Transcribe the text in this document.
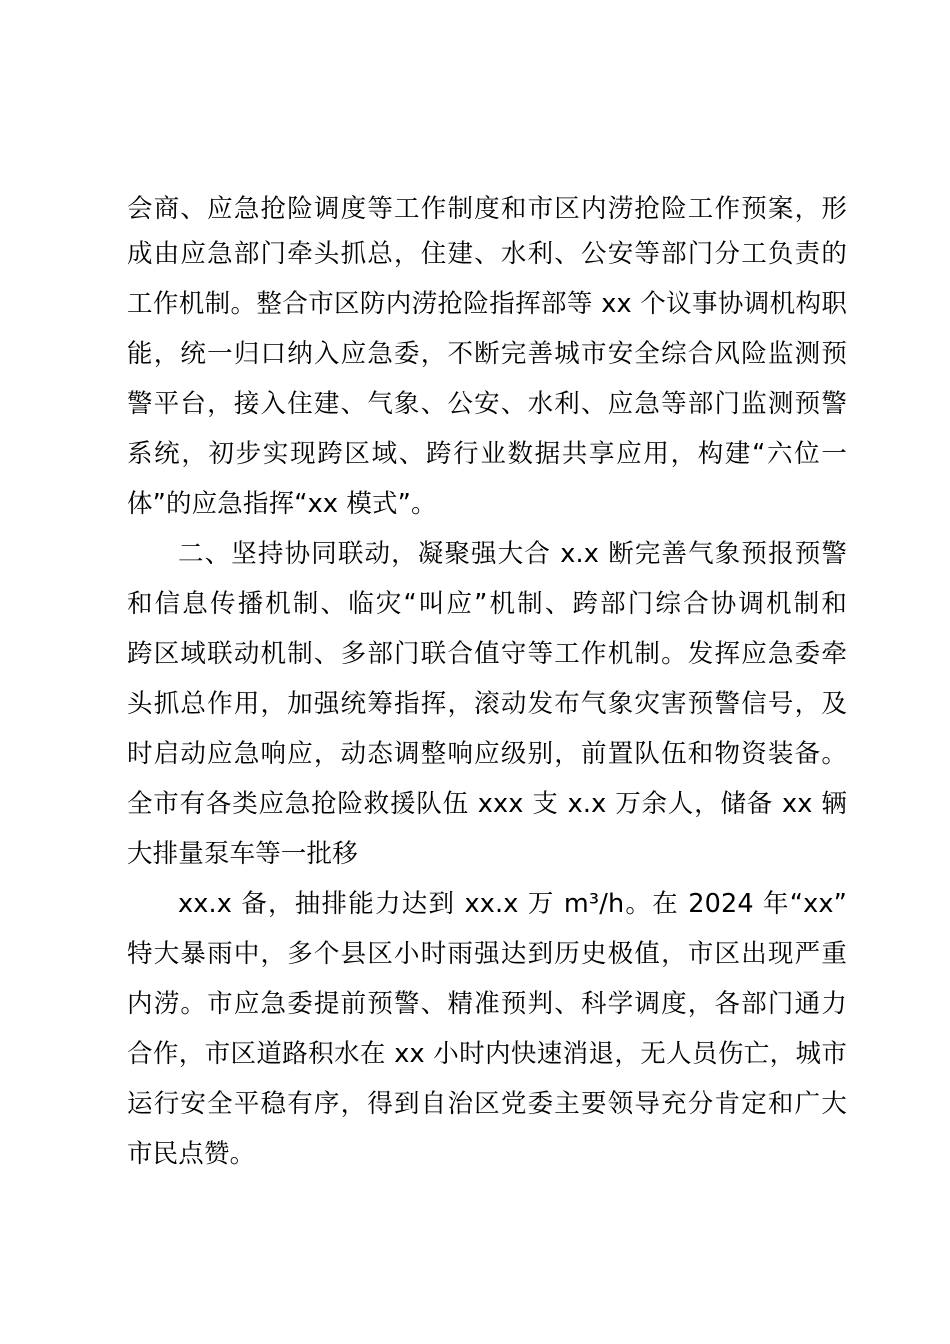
会商、应急抢险调度等工作制度和市区内涝抢险工作预案，形
成由应急部门牵头抓总，住建、水利、公安等部门分工负责的
工作机制。整合市区防内涝抢险指挥部等 xx 个议事协调机构职
能，统一归口纳入应急委，不断完善城市安全综合风险监测预
警平台，接入住建、气象、公安、水利、应急等部门监测预警
系统，初步实现跨区域、跨行业数据共享应用，构建“六位一
体”的应急指挥“xx 模式”。
二、坚持协同联动，凝聚强大合 x.x 断完善气象预报预警
和信息传播机制、临灾“叫应”机制、跨部门综合协调机制和
跨区域联动机制、多部门联合值守等工作机制。发挥应急委牵
头抓总作用，加强统筹指挥，滚动发布气象灾害预警信号，及
时启动应急响应，动态调整响应级别，前置队伍和物资装备。
全市有各类应急抢险救援队伍 xxx 支 x.x 万余人，储备 xx 辆
大排量泵车等一批移
xx.x 备，抽排能力达到 xx.x 万 m³/h。在 2024 年“xx”
特大暴雨中，多个县区小时雨强达到历史极值，市区出现严重
内涝。市应急委提前预警、精准预判、科学调度，各部门通力
合作，市区道路积水在 xx 小时内快速消退，无人员伤亡，城市
运行安全平稳有序，得到自治区党委主要领导充分肯定和广大
市民点赞。
